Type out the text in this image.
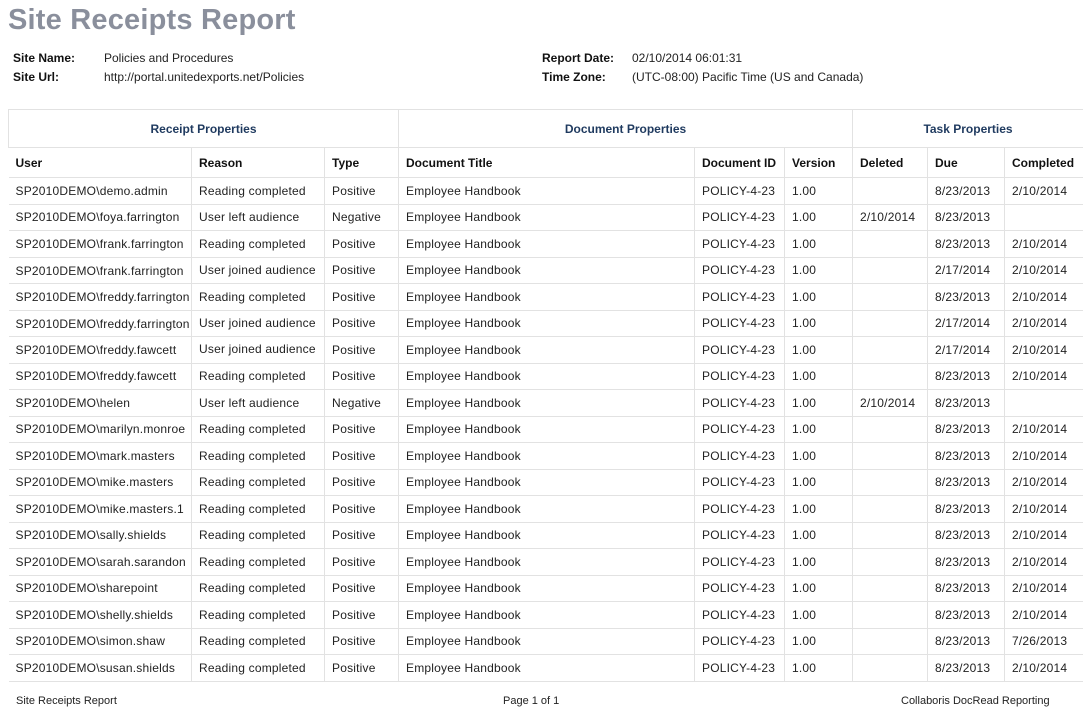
Site Receipts Report
Site Name: Policies and Procedures
Site Url:	http://portal.unitedexports.net/Policies
Report Date: 02/10/2014 06:01:31
Time Zone: (UTC-08:00) Pacific Time (US and Canada)
Receipt Properties			Document Properties			Task Properties		
User	Reason	Type	Document Title	Document ID	Version	Deleted	Due	Completed
SP2010DEMO\demo.admin	Reading completed	Positive	Employee Handbook	POLICY-4-23	1.00		8/23/2013	2/10/2014
SP2010DEMO\foya.farrington	User left audience	Negative	Employee Handbook	POLICY-4-23	1.00	2/10/2014	8/23/2013	
SP2010DEMO\frank.farrington	Reading completed	Positive	Employee Handbook	POLICY-4-23	1.00		8/23/2013	2/10/2014
SP2010DEMO\frank.farrington	User joined audience	Positive	Employee Handbook	POLICY-4-23	1.00		2/17/2014	2/10/2014
SP2010DEMO\freddy.farrington	Reading completed	Positive	Employee Handbook	POLICY-4-23	1.00		8/23/2013	2/10/2014
SP2010DEMO\freddy.farrington	User joined audience	Positive	Employee Handbook	POLICY-4-23	1.00		2/17/2014	2/10/2014
SP2010DEMO\freddy.fawcett	User joined audience	Positive	Employee Handbook	POLICY-4-23	1.00		2/17/2014	2/10/2014
SP2010DEMO\freddy.fawcett	Reading completed	Positive	Employee Handbook	POLICY-4-23	1.00		8/23/2013	2/10/2014
SP2010DEMO\helen	User left audience	Negative	Employee Handbook	POLICY-4-23	1.00	2/10/2014	8/23/2013	
SP2010DEMO\marilyn.monroe	Reading completed	Positive	Employee Handbook	POLICY-4-23	1.00		8/23/2013	2/10/2014
SP2010DEMO\mark.masters	Reading completed	Positive	Employee Handbook	POLICY-4-23	1.00		8/23/2013	2/10/2014
SP2010DEMO\mike.masters	Reading completed	Positive	Employee Handbook	POLICY-4-23	1.00		8/23/2013	2/10/2014
SP2010DEMO\mike.masters.1	Reading completed	Positive	Employee Handbook	POLICY-4-23	1.00		8/23/2013	2/10/2014
SP2010DEMO\sally.shields	Reading completed	Positive	Employee Handbook	POLICY-4-23	1.00		8/23/2013	2/10/2014
SP2010DEMO\sarah.sarandon	Reading completed	Positive	Employee Handbook	POLICY-4-23	1.00		8/23/2013	2/10/2014
SP2010DEMO\sharepoint	Reading completed	Positive	Employee Handbook	POLICY-4-23	1.00		8/23/2013	2/10/2014
SP2010DEMO\shelly.shields	Reading completed	Positive	Employee Handbook	POLICY-4-23	1.00		8/23/2013	2/10/2014
SP2010DEMO\simon.shaw	Reading completed	Positive	Employee Handbook	POLICY-4-23	1.00		8/23/2013	7/26/2013
SP2010DEMO\susan.shields	Reading completed	Positive	Employee Handbook	POLICY-4-23	1.00		8/23/2013	2/10/2014
Site Receipts Report	Page 1 of 1	Collaboris DocRead Reporting
